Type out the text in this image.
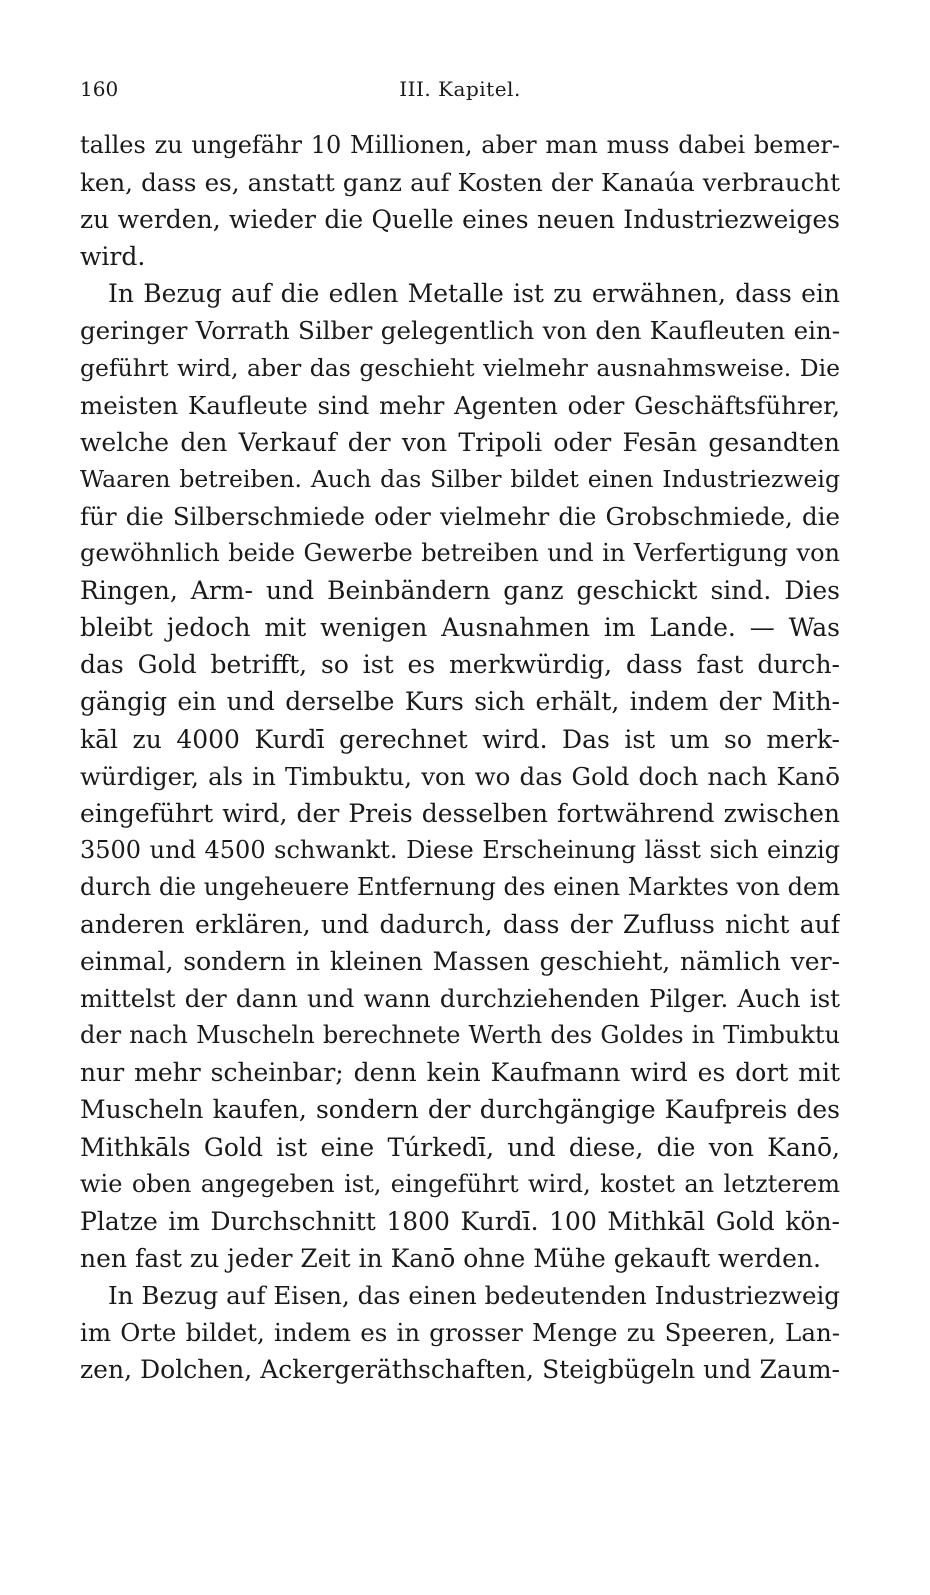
160	III. Kapitel.
talles zu ungefähr 10 Millionen, aber man muss dabei bemer-
ken, dass es, anstatt ganz auf Kosten der Kanaúa verbraucht
zu werden, wieder die Quelle eines neuen Industriezweiges
wird.
In Bezug auf die edlen Metalle ist zu erwähnen, dass ein
geringer Vorrath Silber gelegentlich von den Kaufleuten ein-
geführt wird, aber das geschieht vielmehr ausnahmsweise. Die
meisten Kaufleute sind mehr Agenten oder Geschäftsführer,
welche den Verkauf der von Tripoli oder Fesān gesandten
Waaren betreiben. Auch das Silber bildet einen Industriezweig
für die Silberschmiede oder vielmehr die Grobschmiede, die
gewöhnlich beide Gewerbe betreiben und in Verfertigung von
Ringen, Arm- und Beinbändern ganz geschickt sind. Dies
bleibt jedoch mit wenigen Ausnahmen im Lande. — Was
das Gold betrifft, so ist es merkwürdig, dass fast durch-
gängig ein und derselbe Kurs sich erhält, indem der Mith-
kāl zu 4000 Kurdī gerechnet wird. Das ist um so merk-
würdiger, als in Timbuktu, von wo das Gold doch nach Kanō
eingeführt wird, der Preis desselben fortwährend zwischen
3500 und 4500 schwankt. Diese Erscheinung lässt sich einzig
durch die ungeheuere Entfernung des einen Marktes von dem
anderen erklären, und dadurch, dass der Zufluss nicht auf
einmal, sondern in kleinen Massen geschieht, nämlich ver-
mittelst der dann und wann durchziehenden Pilger. Auch ist
der nach Muscheln berechnete Werth des Goldes in Timbuktu
nur mehr scheinbar; denn kein Kaufmann wird es dort mit
Muscheln kaufen, sondern der durchgängige Kaufpreis des
Mithkāls Gold ist eine Túrkedī, und diese, die von Kanō,
wie oben angegeben ist, eingeführt wird, kostet an letzterem
Platze im Durchschnitt 1800 Kurdī. 100 Mithkāl Gold kön-
nen fast zu jeder Zeit in Kanō ohne Mühe gekauft werden.
In Bezug auf Eisen, das einen bedeutenden Industriezweig
im Orte bildet, indem es in grosser Menge zu Speeren, Lan-
zen, Dolchen, Ackergeräthschaften, Steigbügeln und Zaum-
